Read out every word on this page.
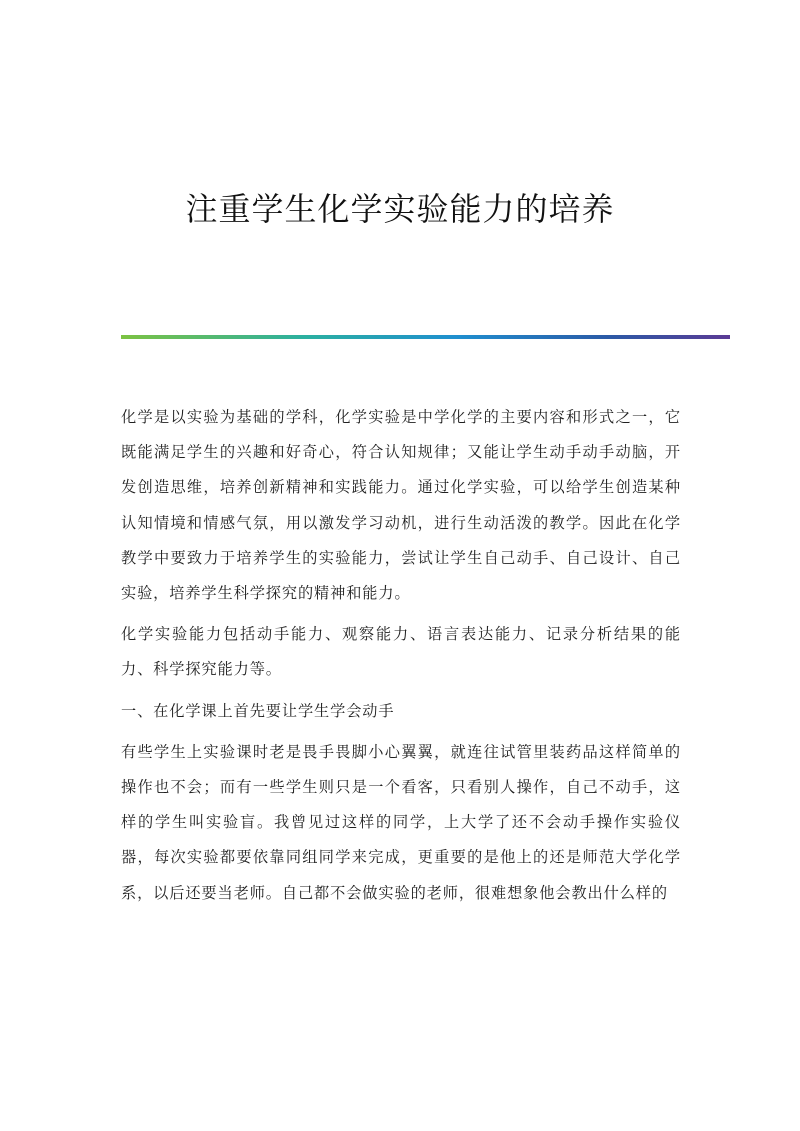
注重学生化学实验能力的培养

化学是以实验为基础的学科，化学实验是中学化学的主要内容和形式之一，它既能满足学生的兴趣和好奇心，符合认知规律；又能让学生动手动手动脑，开发创造思维，培养创新精神和实践能力。通过化学实验，可以给学生创造某种认知情境和情感气氛，用以激发学习动机，进行生动活泼的教学。因此在化学教学中要致力于培养学生的实验能力，尝试让学生自己动手、自己设计、自己实验，培养学生科学探究的精神和能力。

化学实验能力包括动手能力、观察能力、语言表达能力、记录分析结果的能力、科学探究能力等。

一、在化学课上首先要让学生学会动手

有些学生上实验课时老是畏手畏脚小心翼翼，就连往试管里装药品这样简单的操作也不会；而有一些学生则只是一个看客，只看别人操作，自己不动手，这样的学生叫实验盲。我曾见过这样的同学，上大学了还不会动手操作实验仪器，每次实验都要依靠同组同学来完成，更重要的是他上的还是师范大学化学系，以后还要当老师。自己都不会做实验的老师，很难想象他会教出什么样的
